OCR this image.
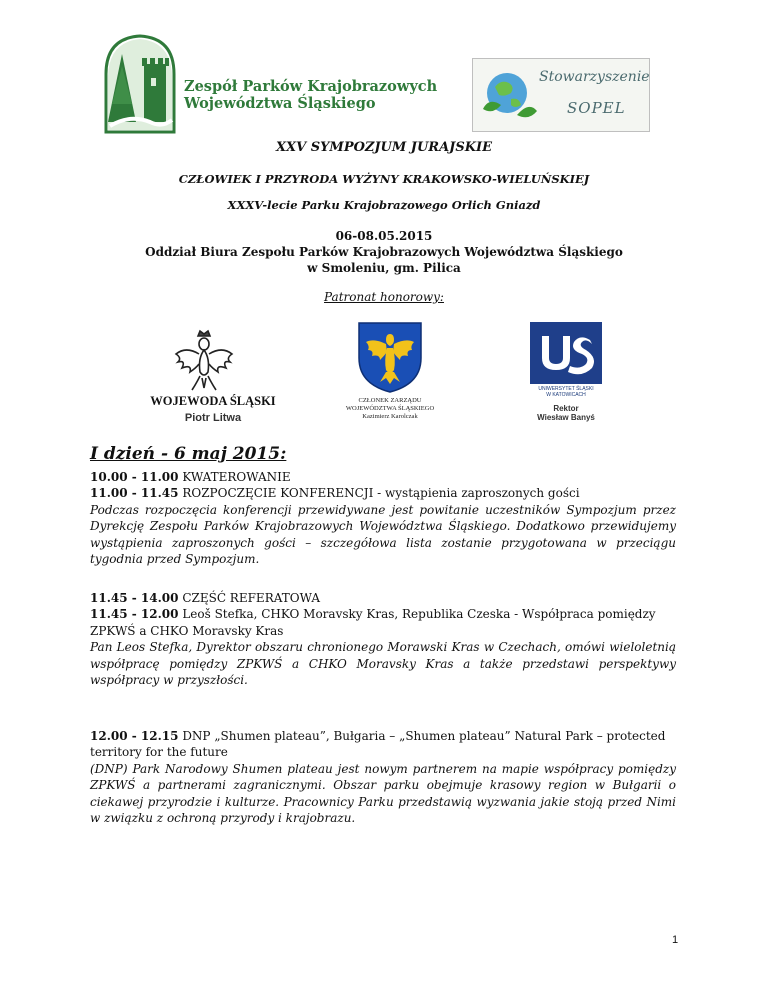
Zespół Parków Krajobrazowych
Województwa Śląskiego
Stowarzyszenie
SOPEL
XXV SYMPOZJUM JURAJSKIE
CZŁOWIEK I PRZYRODA WYŻYNY KRAKOWSKO-WIELUŃSKIEJ
XXXV-lecie Parku Krajobrazowego Orlich Gniazd
06-08.05.2015
Oddział Biura Zespołu Parków Krajobrazowych Województwa Śląskiego
w Smoleniu, gm. Pilica
Patronat honorowy:
WOJEWODA ŚLĄSKI
Piotr Litwa
CZŁONEK ZARZĄDU
WOJEWÓDZTWA ŚLĄSKIEGO
Kazimierz Karolczak
UNIWERSYTET ŚLĄSKI
W KATOWICACH
Rektor
Wiesław Banyś
I dzień - 6 maj 2015:

10.00 - 11.00 KWATEROWANIE

11.00 - 11.45 ROZPOCZĘCIE KONFERENCJI - wystąpienia zaproszonych gości

Podczas rozpoczęcia konferencji przewidywane jest powitanie uczestników Sympozjum przez Dyrekcję Zespołu Parków Krajobrazowych Województwa Śląskiego. Dodatkowo przewidujemy wystąpienia zaproszonych gości – szczegółowa lista zostanie przygotowana w przeciągu tygodnia przed Sympozjum.

11.45 - 14.00 CZĘŚĆ REFERATOWA

11.45 - 12.00 Leoš Stefka, CHKO Moravsky Kras, Republika Czeska - Współpraca pomiędzy ZPKWŚ a CHKO Moravsky Kras

Pan Leos Stefka, Dyrektor obszaru chronionego Morawski Kras w Czechach, omówi wieloletnią współpracę pomiędzy ZPKWŚ a CHKO Moravsky Kras a także przedstawi perspektywy współpracy w przyszłości.

12.00 - 12.15 DNP „Shumen plateau”, Bułgaria – „Shumen plateau” Natural Park – protected territory for the future

(DNP) Park Narodowy Shumen plateau jest nowym partnerem na mapie współpracy pomiędzy ZPKWŚ a partnerami zagranicznymi. Obszar parku obejmuje krasowy region w Bułgarii o ciekawej przyrodzie i kulturze. Pracownicy Parku przedstawią wyzwania jakie stoją przed Nimi w związku z ochroną przyrody i krajobrazu.

1
